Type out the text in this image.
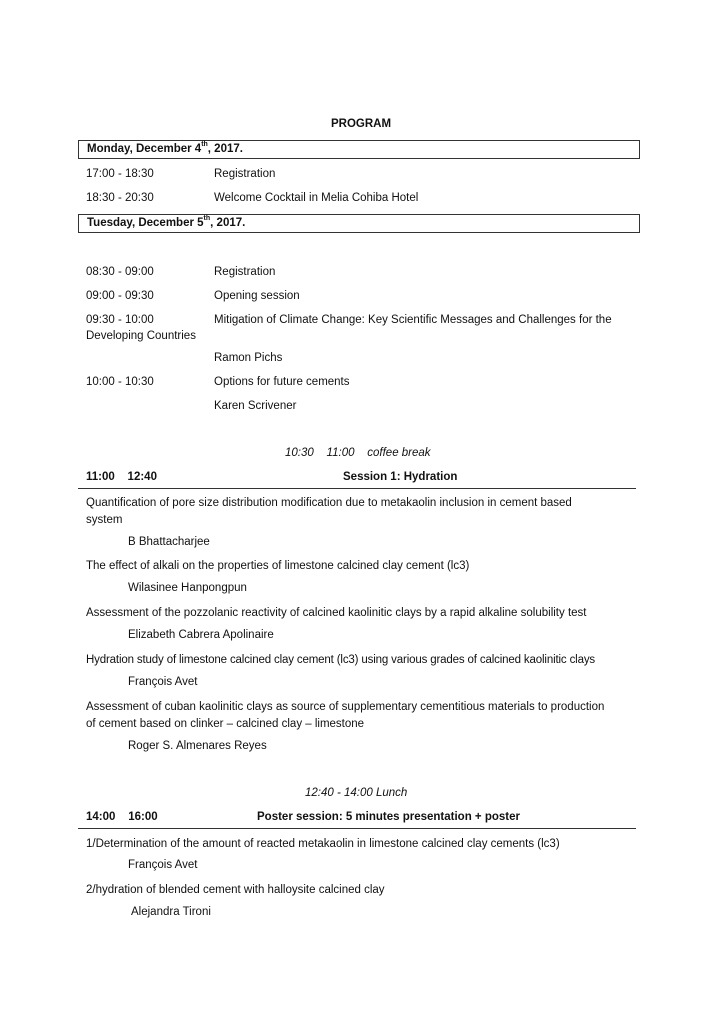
PROGRAM
Monday, December 4th, 2017.
17:00 - 18:30	Registration
18:30 - 20:30	Welcome Cocktail in Melia Cohiba Hotel
Tuesday, December 5th, 2017.
08:30 - 09:00	Registration
09:00 - 09:30	Opening session
09:30 - 10:00	Mitigation of Climate Change: Key Scientific Messages and Challenges for the
Developing Countries
Ramon Pichs
10:00 - 10:30	Options for future cements
Karen Scrivener
10:30    11:00    coffee break
11:00    12:40	Session 1: Hydration
Quantification of pore size distribution modification due to metakaolin inclusion in cement based
system
B Bhattacharjee
The effect of alkali on the properties of limestone calcined clay cement (lc3)
Wilasinee Hanpongpun
Assessment of the pozzolanic reactivity of calcined kaolinitic clays by a rapid alkaline solubility test
Elizabeth Cabrera Apolinaire
Hydration study of limestone calcined clay cement (lc3) using various grades of calcined kaolinitic clays
François Avet
Assessment of cuban kaolinitic clays as source of supplementary cementitious materials to production
of cement based on clinker – calcined clay – limestone
Roger S. Almenares Reyes
12:40 - 14:00 Lunch
14:00    16:00	Poster session: 5 minutes presentation + poster
1/Determination of the amount of reacted metakaolin in limestone calcined clay cements (lc3)
François Avet
2/hydration of blended cement with halloysite calcined clay
Alejandra Tironi
